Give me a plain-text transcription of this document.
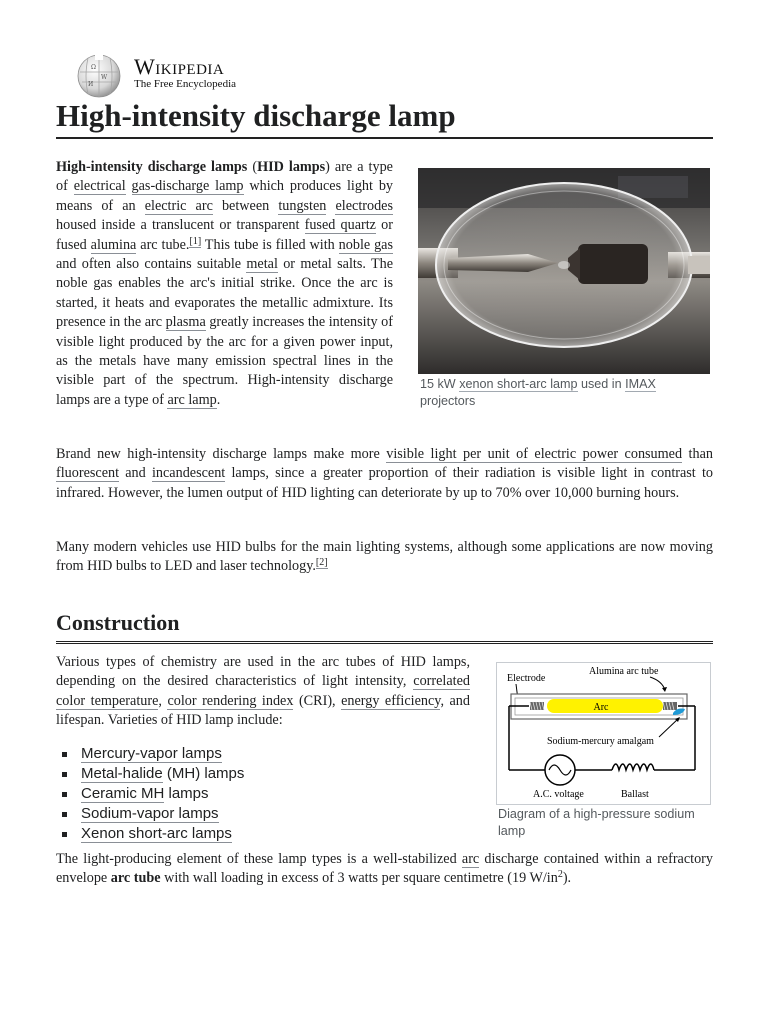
Ω
W
И
Wikipedia
The Free Encyclopedia
High-intensity discharge lamp

High-intensity discharge lamps (HID lamps) are a type of electrical gas-discharge lamp which produces light by means of an electric arc between tungsten electrodes housed inside a translucent or transparent fused quartz or fused alumina arc tube.[1] This tube is filled with noble gas and often also contains suitable metal or metal salts. The noble gas enables the arc's initial strike. Once the arc is started, it heats and evaporates the metallic admixture. Its presence in the arc plasma greatly increases the intensity of visible light produced by the arc for a given power input, as the metals have many emission spectral lines in the visible part of the spectrum. High-intensity discharge lamps are a type of arc lamp.

15 kW xenon short-arc lamp used in IMAX projectors

Brand new high-intensity discharge lamps make more visible light per unit of electric power consumed than fluorescent and incandescent lamps, since a greater proportion of their radiation is visible light in contrast to infrared. However, the lumen output of HID lighting can deteriorate by up to 70% over 10,000 burning hours.

Many modern vehicles use HID bulbs for the main lighting systems, although some applications are now moving from HID bulbs to LED and laser technology.[2]

Construction

Various types of chemistry are used in the arc tubes of HID lamps, depending on the desired characteristics of light intensity, correlated color temperature, color rendering index (CRI), energy efficiency, and lifespan. Varieties of HID lamp include:

Mercury-vapor lamps
Metal-halide (MH) lamps
Ceramic MH lamps
Sodium-vapor lamps
Xenon short-arc lamps
Electrode
Alumina arc tube
Arc
Sodium-mercury amalgam
A.C. voltage	Ballast
Diagram of a high-pressure sodium lamp

The light-producing element of these lamp types is a well-stabilized arc discharge contained within a refractory envelope arc tube with wall loading in excess of 3 watts per square centimetre (19 $W/in^2$).
